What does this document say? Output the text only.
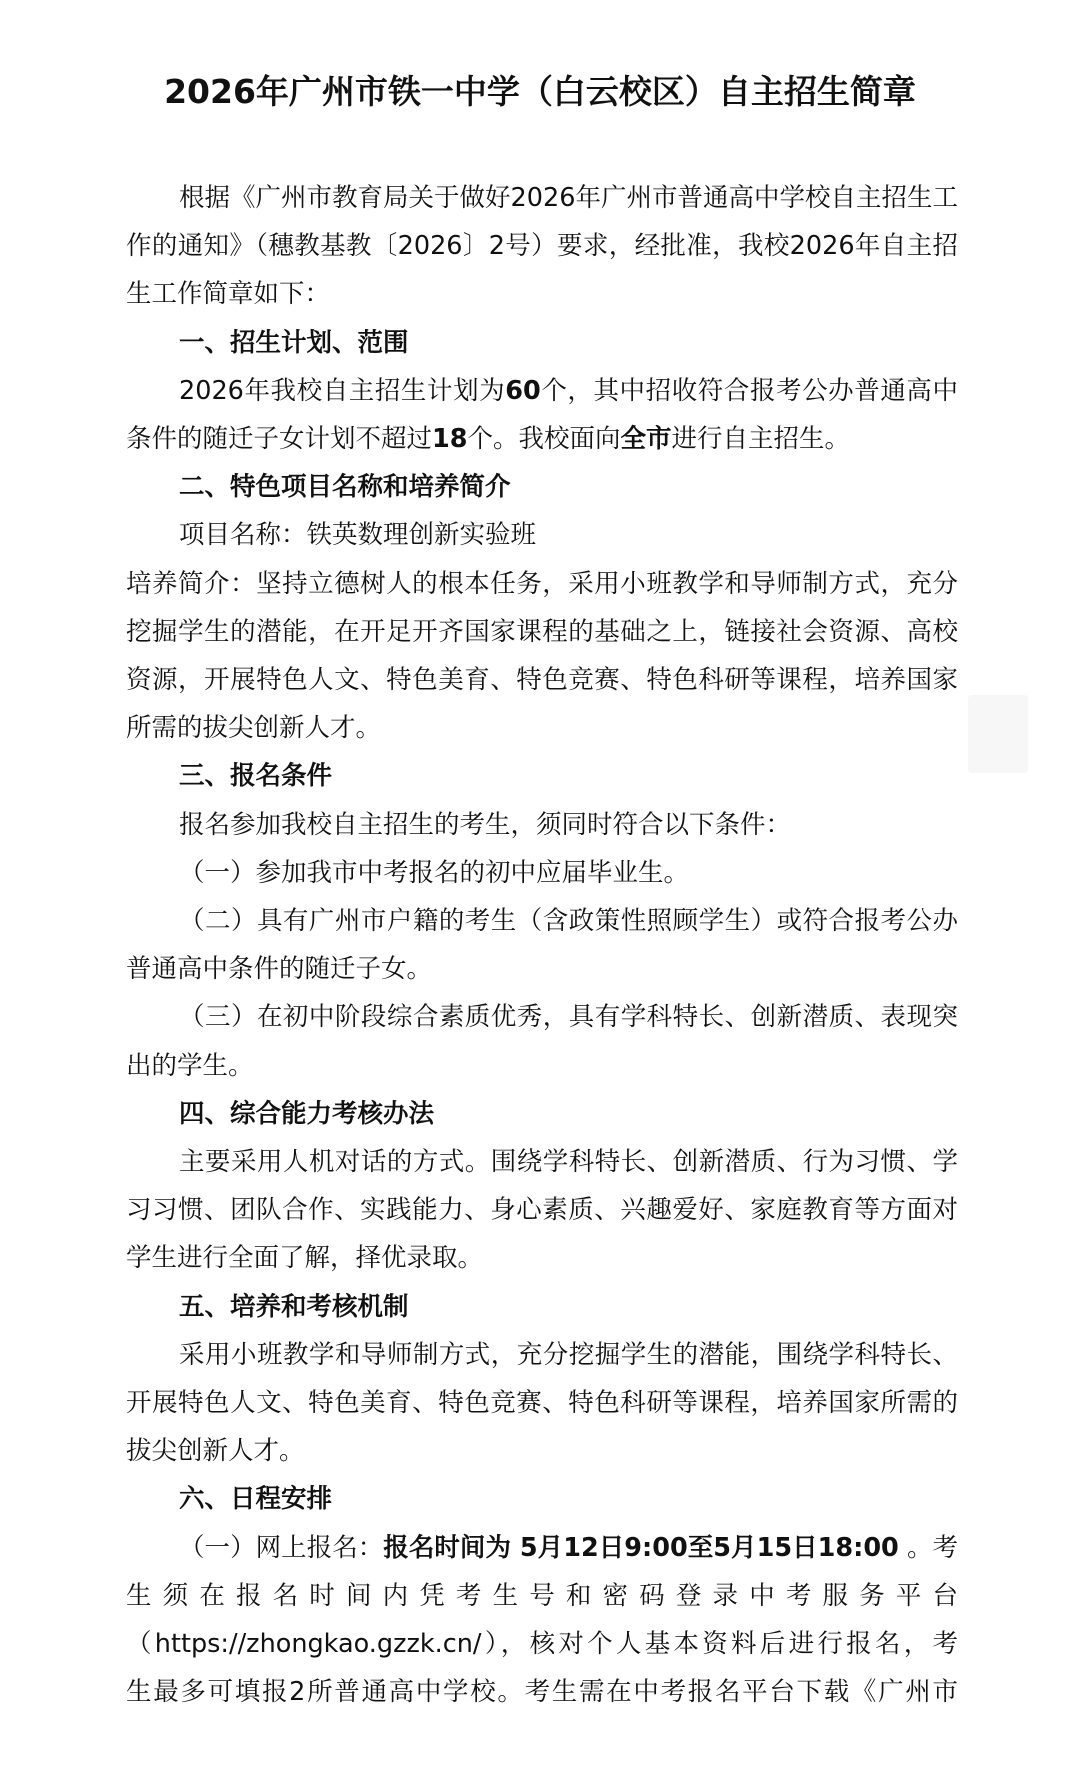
2026年广州市铁一中学（白云校区）自主招生简章

根据《广州市教育局关于做好2026年广州市普通高中学校自主招生工作的通知》（穗教基教〔2026〕2号）要求，经批准，我校2026年自主招生工作简章如下：

一、招生计划、范围

2026年我校自主招生计划为60个，其中招收符合报考公办普通高中条件的随迁子女计划不超过18个。我校面向全市进行自主招生。

二、特色项目名称和培养简介

项目名称：铁英数理创新实验班

培养简介：坚持立德树人的根本任务，采用小班教学和导师制方式，充分挖掘学生的潜能，在开足开齐国家课程的基础之上，链接社会资源、高校资源，开展特色人文、特色美育、特色竞赛、特色科研等课程，培养国家所需的拔尖创新人才。

三、报名条件

报名参加我校自主招生的考生，须同时符合以下条件：

（一）参加我市中考报名的初中应届毕业生。

（二）具有广州市户籍的考生（含政策性照顾学生）或符合报考公办普通高中条件的随迁子女。

（三）在初中阶段综合素质优秀，具有学科特长、创新潜质、表现突出的学生。

四、综合能力考核办法

主要采用人机对话的方式。围绕学科特长、创新潜质、行为习惯、学习习惯、团队合作、实践能力、身心素质、兴趣爱好、家庭教育等方面对学生进行全面了解，择优录取。

五、培养和考核机制

采用小班教学和导师制方式，充分挖掘学生的潜能，围绕学科特长、开展特色人文、特色美育、特色竞赛、特色科研等课程，培养国家所需的拔尖创新人才。

六、日程安排

（一）网上报名：报名时间为 5月12日9:00至5月15日18:00 。考

生须在报名时间内凭考生号和密码登录中考服务平台

（https://zhongkao.gzzk.cn/），核对个人基本资料后进行报名，考

生最多可填报2所普通高中学校。考生需在中考报名平台下载《广州市
